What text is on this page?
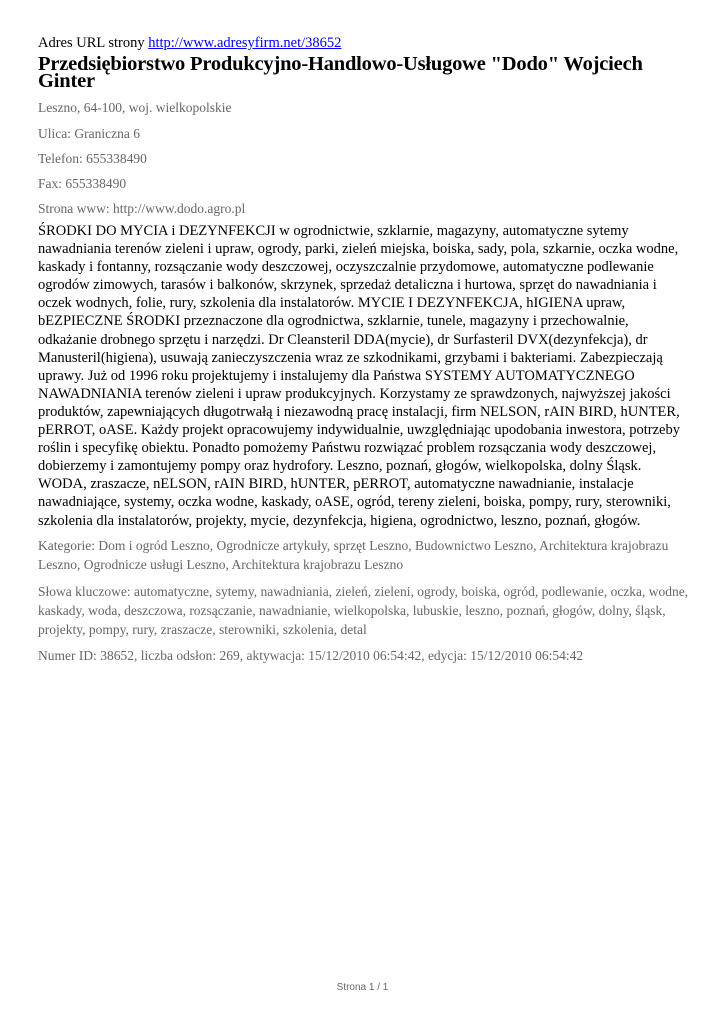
Adres URL strony http://www.adresyfirm.net/38652

Przedsiębiorstwo Produkcyjno-Handlowo-Usługowe "Dodo" Wojciech Ginter

Leszno, 64-100, woj. wielkopolskie

Ulica: Graniczna 6

Telefon: 655338490

Fax: 655338490

Strona www: http://www.dodo.agro.pl

ŚRODKI DO MYCIA i DEZYNFEKCJI w ogrodnictwie, szklarnie, magazyny, automatyczne sytemy nawadniania terenów zieleni i upraw, ogrody, parki, zieleń miejska, boiska, sady, pola, szkarnie, oczka wodne, kaskady i fontanny, rozsączanie wody deszczowej, oczyszczalnie przydomowe, automatyczne podlewanie ogrodów zimowych, tarasów i balkonów, skrzynek, sprzedaż detaliczna i hurtowa, sprzęt do nawadniania i oczek wodnych, folie, rury, szkolenia dla instalatorów. MYCIE I DEZYNFEKCJA, hIGIENA upraw, bEZPIECZNE ŚRODKI przeznaczone dla ogrodnictwa, szklarnie, tunele, magazyny i przechowalnie, odkażanie drobnego sprzętu i narzędzi. Dr Cleansteril DDA(mycie), dr Surfasteril DVX(dezynfekcja), dr Manusteril(higiena), usuwają zanieczyszczenia wraz ze szkodnikami, grzybami i bakteriami. Zabezpieczają uprawy. Już od 1996 roku projektujemy i instalujemy dla Państwa SYSTEMY AUTOMATYCZNEGO NAWADNIANIA terenów zieleni i upraw produkcyjnych. Korzystamy ze sprawdzonych, najwyższej jakości produktów, zapewniających długotrwałą i niezawodną pracę instalacji, firm NELSON, rAIN BIRD, hUNTER, pERROT, oASE. Każdy projekt opracowujemy indywidualnie, uwzględniając upodobania inwestora, potrzeby roślin i specyfikę obiektu. Ponadto pomożemy Państwu rozwiązać problem rozsączania wody deszczowej, dobierzemy i zamontujemy pompy oraz hydrofory. Leszno, poznań, głogów, wielkopolska, dolny Śląsk. WODA, zraszacze, nELSON, rAIN BIRD, hUNTER, pERROT, automatyczne nawadnianie, instalacje nawadniające, systemy, oczka wodne, kaskady, oASE, ogród, tereny zieleni, boiska, pompy, rury, sterowniki, szkolenia dla instalatorów, projekty, mycie, dezynfekcja, higiena, ogrodnictwo, leszno, poznań, głogów.

Kategorie: Dom i ogród Leszno, Ogrodnicze artykuły, sprzęt Leszno, Budownictwo Leszno, Architektura krajobrazu Leszno, Ogrodnicze usługi Leszno, Architektura krajobrazu Leszno

Słowa kluczowe: automatyczne, sytemy, nawadniania, zieleń, zieleni, ogrody, boiska, ogród, podlewanie, oczka, wodne, kaskady, woda, deszczowa, rozsączanie, nawadnianie, wielkopolska, lubuskie, leszno, poznań, głogów, dolny, śląsk, projekty, pompy, rury, zraszacze, sterowniki, szkolenia, detal

Numer ID: 38652, liczba odsłon: 269, aktywacja: 15/12/2010 06:54:42, edycja: 15/12/2010 06:54:42

Strona 1 / 1
